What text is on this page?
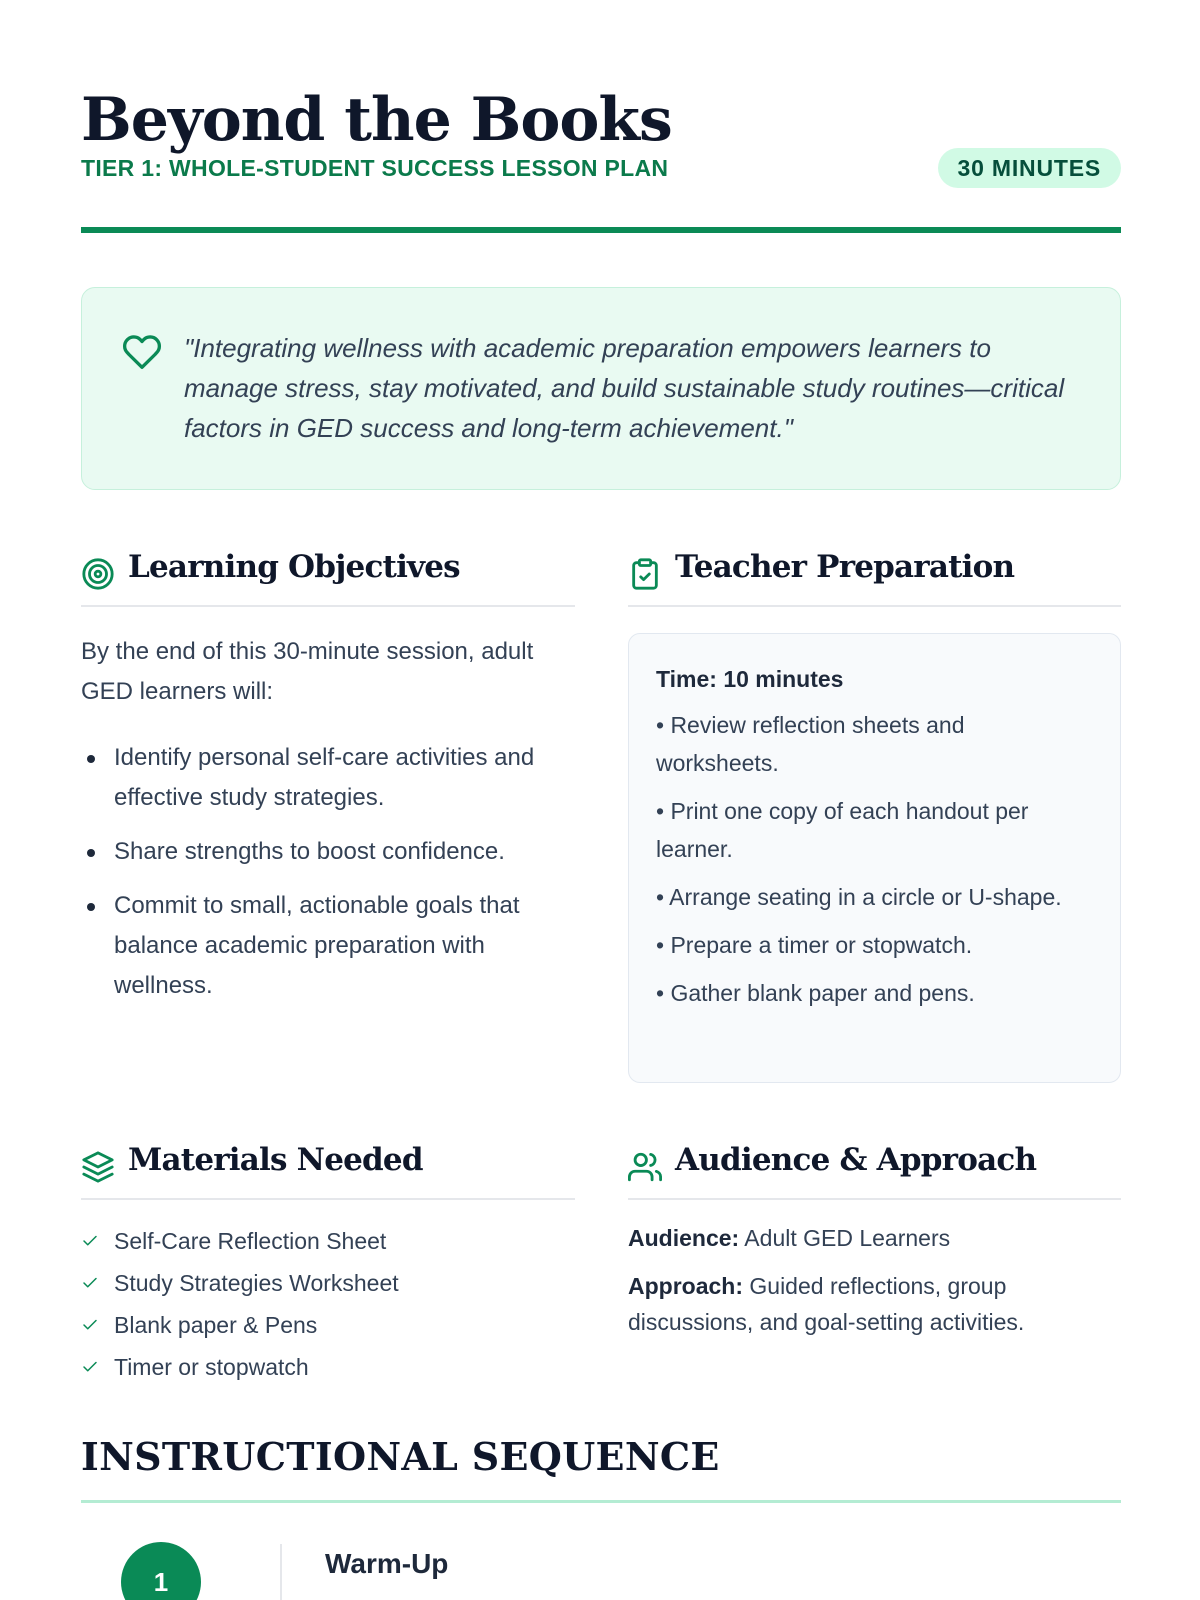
Beyond the Books
TIER 1: WHOLE-STUDENT SUCCESS LESSON PLAN	30 MINUTES
"Integrating wellness with academic preparation empowers learners to manage stress, stay motivated, and build sustainable study routines—critical factors in GED success and long-term achievement."
Learning Objectives

By the end of this 30-minute session, adult GED learners will:

Identify personal self-care activities and effective study strategies.
Share strengths to boost confidence.
Commit to small, actionable goals that balance academic preparation with wellness.
Teacher Preparation
Time: 10 minutes
• Review reflection sheets and worksheets.
• Print one copy of each handout per learner.
• Arrange seating in a circle or U-shape.
• Prepare a timer or stopwatch.
• Gather blank paper and pens.
Materials Needed
Self-Care Reflection Sheet
Study Strategies Worksheet
Blank paper & Pens
Timer or stopwatch
Audience & Approach

Audience: Adult GED Learners

Approach: Guided reflections, group discussions, and goal-setting activities.

INSTRUCTIONAL SEQUENCE
1
Warm-Up
